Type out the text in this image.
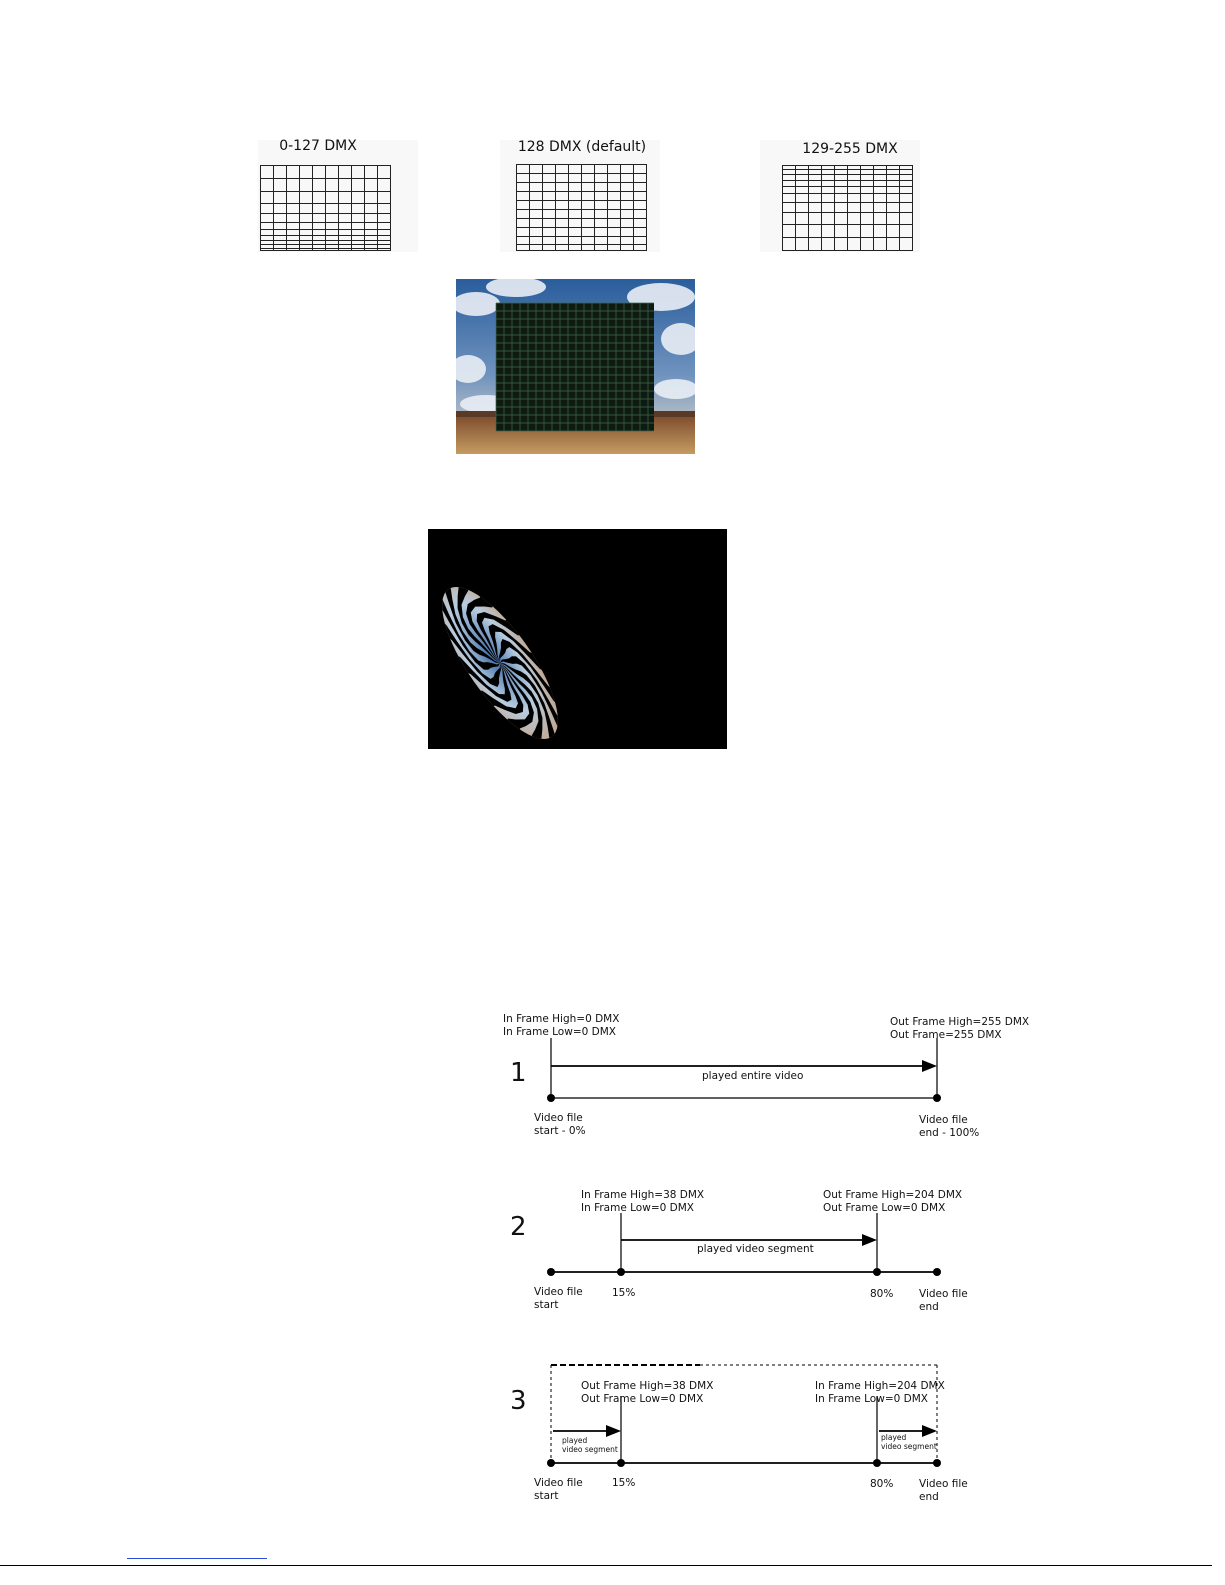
0-127 DMX	128 DMX (default)	129-255 DMX
In Frame High=0 DMX
In Frame Low=0 DMX
Out Frame High=255 DMX
Out Frame=255 DMX
1	played entire video
Video file
start - 0%
Video file
end - 100%
In Frame High=38 DMX
In Frame Low=0 DMX
Out Frame High=204 DMX
Out Frame Low=0 DMX
2
played video segment
Video file
start
15%	80% Video file
end
Out Frame High=38 DMX
Out Frame Low=0 DMX
In Frame High=204 DMX
In Frame Low=0 DMX
3
played
video segment
played
video segment
Video file
start
15%	80% Video file
end
